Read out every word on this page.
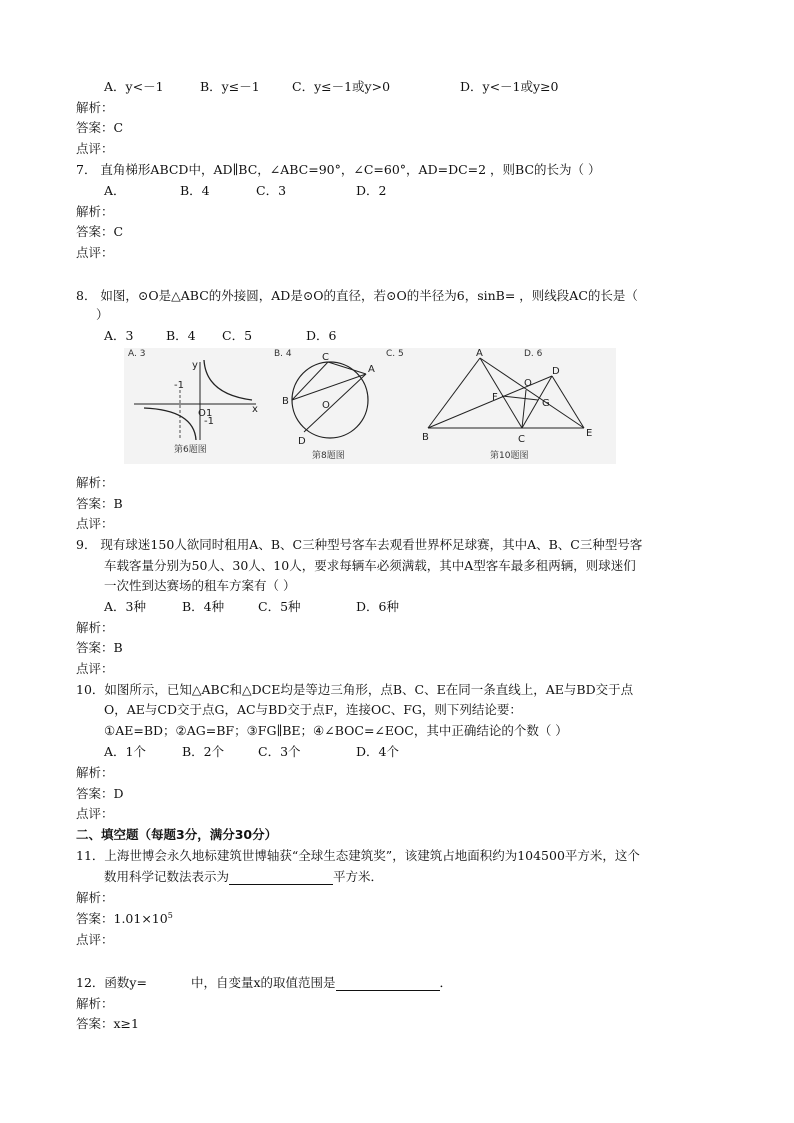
A．y<－1	B．y≤－1	C．y≤－1或y>0	D．y<－1或y≥0
解析：
答案：C
点评：
7． 直角梯形ABCD中，AD∥BC，∠ABC=90°，∠C=60°，AD=DC=2 ，则BC的长为（ ）
A．	B．4	C．3	D．2
解析：
答案：C
点评：
8． 如图，⊙O是△ABC的外接圆，AD是⊙O的直径，若⊙O的半径为6，sinB= ，则线段AC的长是（
）
A．3	B．4 C．5	D．6
A. 3	B. 4	C. 5	D. 6
y
x
-1
O 1
-1
第6题图
C
A
B	O
D
第8题图
A
B	C
D
E
F
G
O
第10题图
解析：
答案：B
点评：
9． 现有球迷150人欲同时租用A、B、C三种型号客车去观看世界杯足球赛，其中A、B、C三种型号客
车载客量分别为50人、30人、10人，要求每辆车必须满载，其中A型客车最多租两辆，则球迷们
一次性到达赛场的租车方案有（ ）
A．3种	B．4种	C．5种	D．6种
解析：
答案：B
点评：
10．如图所示，已知△ABC和△DCE均是等边三角形，点B、C、E在同一条直线上，AE与BD交于点
O，AE与CD交于点G，AC与BD交于点F，连接OC、FG，则下列结论要：
①AE=BD；②AG=BF；③FG∥BE；④∠BOC=∠EOC，其中正确结论的个数（ ）
A．1个	B．2个	C．3个	D．4个
解析：
答案：D
点评：
二、填空题（每题3分，满分30分）
11．上海世博会永久地标建筑世博轴获“全球生态建筑奖”，该建筑占地面积约为104500平方米，这个
数用科学记数法表示为	平方米．
解析：
答案：$1.01\times 10^5$
点评：
12．函数y=	中，自变量x的取值范围是	．
解析：
答案：x≥1
